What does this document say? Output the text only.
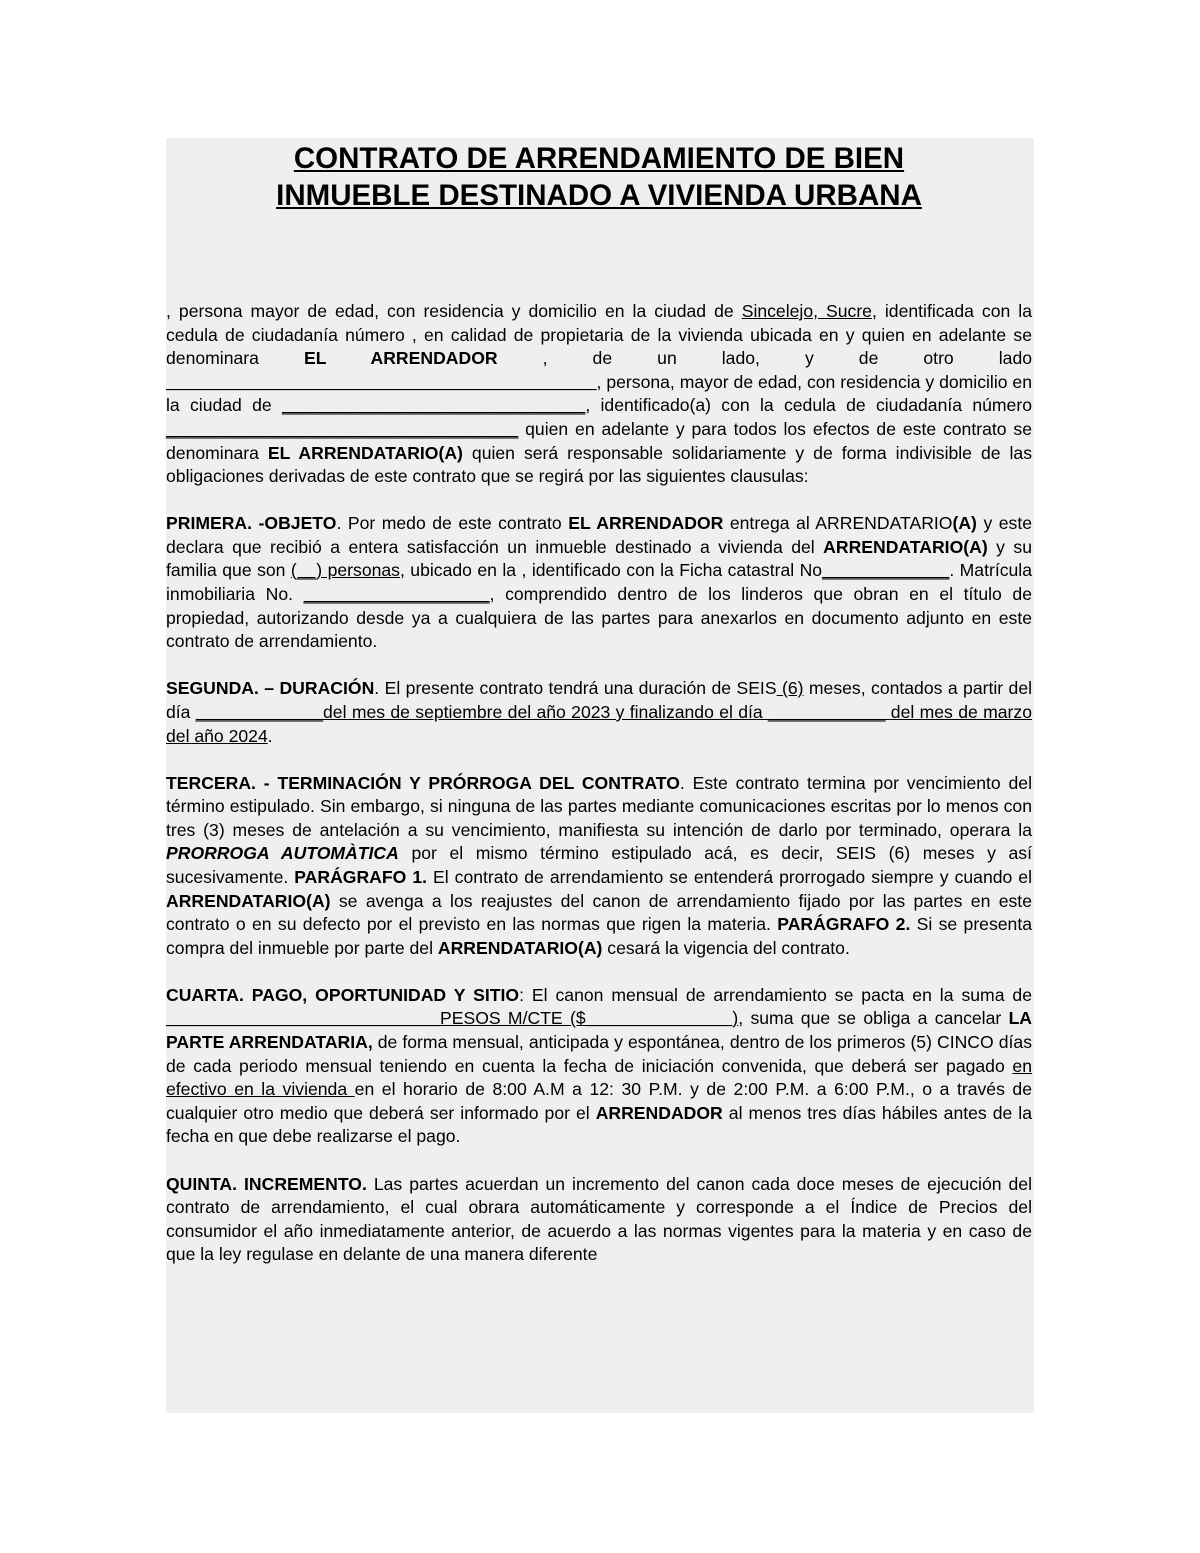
CONTRATO DE ARRENDAMIENTO DE BIEN
INMUEBLE DESTINADO A VIVIENDA URBANA

, persona mayor de edad, con residencia y domicilio en la ciudad de Sincelejo, Sucre, identificada con la cedula de ciudadanía número , en calidad de propietaria de la vivienda ubicada en y quien en adelante se denominara EL ARRENDADOR , de un lado, y de otro lado ____________________________________________, persona, mayor de edad, con residencia y domicilio en la ciudad de _______________________________, identificado(a) con la cedula de ciudadanía número ____________________________________ quien en adelante y para todos los efectos de este contrato se denominara EL ARRENDATARIO(A) quien será responsable solidariamente y de forma indivisible de las obligaciones derivadas de este contrato que se regirá por las siguientes clausulas:

PRIMERA. -OBJETO. Por medo de este contrato EL ARRENDADOR entrega al ARRENDATARIO(A) y este declara que recibió a entera satisfacción un inmueble destinado a vivienda del ARRENDATARIO(A) y su familia que son (__) personas, ubicado en la , identificado con la Ficha catastral No_____________. Matrícula inmobiliaria No. ___________________, comprendido dentro de los linderos que obran en el título de propiedad, autorizando desde ya a cualquiera de las partes para anexarlos en documento adjunto en este contrato de arrendamiento.

SEGUNDA. – DURACIÓN. El presente contrato tendrá una duración de SEIS (6) meses, contados a partir del día _____________del mes de septiembre del año 2023 y finalizando el día ____________ del mes de marzo del año 2024.

TERCERA. - TERMINACIÓN Y PRÓRROGA DEL CONTRATO. Este contrato termina por vencimiento del término estipulado. Sin embargo, si ninguna de las partes mediante comunicaciones escritas por lo menos con tres (3) meses de antelación a su vencimiento, manifiesta su intención de darlo por terminado, operara la PRORROGA AUTOMÀTICA por el mismo término estipulado acá, es decir, SEIS (6) meses y así sucesivamente. PARÁGRAFO 1. El contrato de arrendamiento se entenderá prorrogado siempre y cuando el ARRENDATARIO(A) se avenga a los reajustes del canon de arrendamiento fijado por las partes en este contrato o en su defecto por el previsto en las normas que rigen la materia. PARÁGRAFO 2. Si se presenta compra del inmueble por parte del ARRENDATARIO(A) cesará la vigencia del contrato.

CUARTA. PAGO, OPORTUNIDAD Y SITIO: El canon mensual de arrendamiento se pacta en la suma de ____________________________PESOS M/CTE ($_______________), suma que se obliga a cancelar LA PARTE ARRENDATARIA, de forma mensual, anticipada y espontánea, dentro de los primeros (5) CINCO días de cada periodo mensual teniendo en cuenta la fecha de iniciación convenida, que deberá ser pagado en efectivo en la vivienda en el horario de 8:00 A.M a 12: 30 P.M. y de 2:00 P.M. a 6:00 P.M., o a través de cualquier otro medio que deberá ser informado por el ARRENDADOR al menos tres días hábiles antes de la fecha en que debe realizarse el pago.

QUINTA. INCREMENTO. Las partes acuerdan un incremento del canon cada doce meses de ejecución del contrato de arrendamiento, el cual obrara automáticamente y corresponde a el Índice de Precios del consumidor el año inmediatamente anterior, de acuerdo a las normas vigentes para la materia y en caso de que la ley regulase en delante de una manera diferente
